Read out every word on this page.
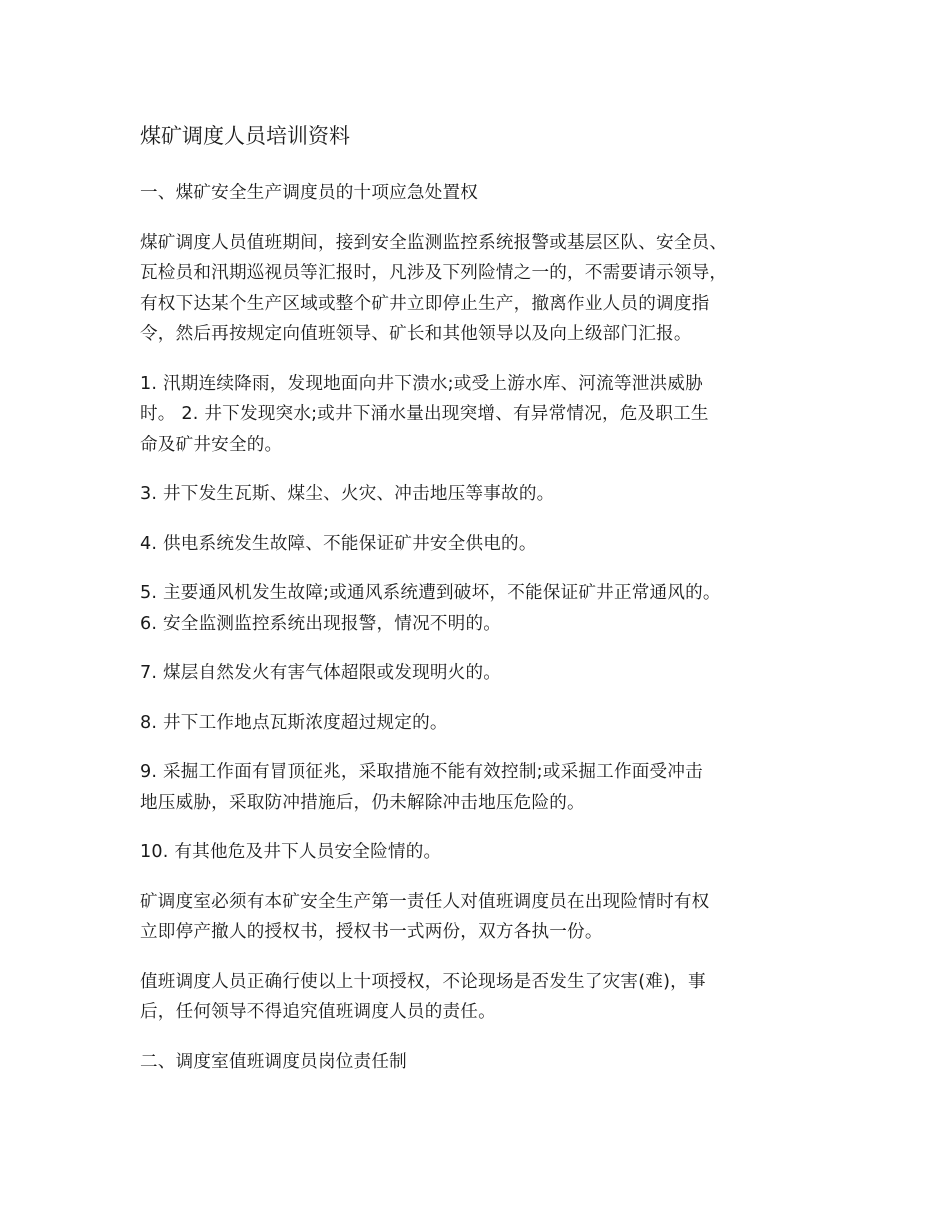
煤矿调度人员培训资料
一、煤矿安全生产调度员的十项应急处置权
煤矿调度人员值班期间，接到安全监测监控系统报警或基层区队、安全员、
瓦检员和汛期巡视员等汇报时，凡涉及下列险情之一的，不需要请示领导，
有权下达某个生产区域或整个矿井立即停止生产，撤离作业人员的调度指
令，然后再按规定向值班领导、矿长和其他领导以及向上级部门汇报。
1. 汛期连续降雨，发现地面向井下溃水;或受上游水库、河流等泄洪威胁
时。 2. 井下发现突水;或井下涌水量出现突增、有异常情况，危及职工生
命及矿井安全的。
3. 井下发生瓦斯、煤尘、火灾、冲击地压等事故的。
4. 供电系统发生故障、不能保证矿井安全供电的。
5. 主要通风机发生故障;或通风系统遭到破坏，不能保证矿井正常通风的。
6. 安全监测监控系统出现报警，情况不明的。
7. 煤层自然发火有害气体超限或发现明火的。
8. 井下工作地点瓦斯浓度超过规定的。
9. 采掘工作面有冒顶征兆，采取措施不能有效控制;或采掘工作面受冲击
地压威胁，采取防冲措施后，仍未解除冲击地压危险的。
10. 有其他危及井下人员安全险情的。
矿调度室必须有本矿安全生产第一责任人对值班调度员在出现险情时有权
立即停产撤人的授权书，授权书一式两份，双方各执一份。
值班调度人员正确行使以上十项授权，不论现场是否发生了灾害(难)，事
后，任何领导不得追究值班调度人员的责任。
二、调度室值班调度员岗位责任制
